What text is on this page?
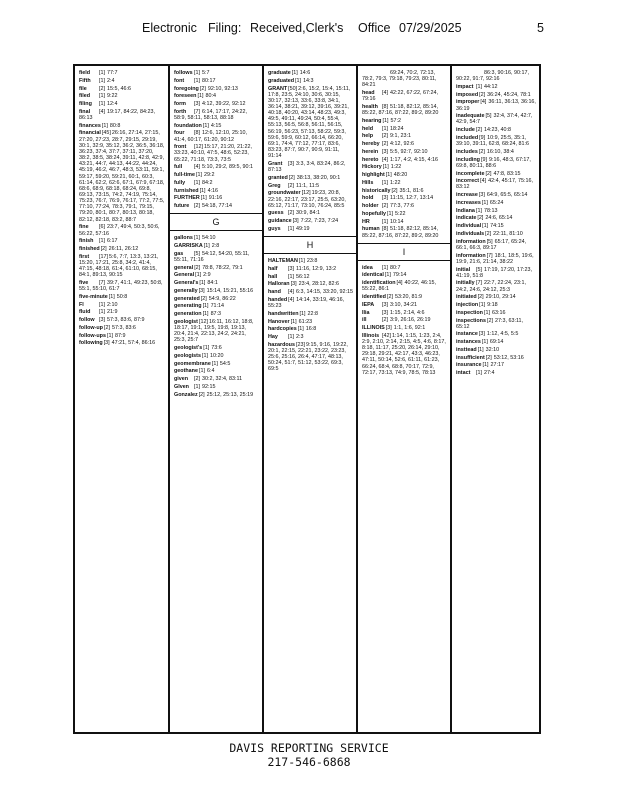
Electronic Filing: Received,Clerk's Office 07/29/2025	5
field [1] 77:7
Fifth [1] 2:4
file [2] 15:5, 46:6
filed [1] 9:22
filing [1] 12:4
final [4] 19:17, 84:22, 84:23, 86:13
finances[1] 80:8
financial[45]26:16, 27:14, 27:15, 27:20, 27:23, 28:7, 29:15, 29:19, 30:1, 32:9, 35:12, 36:2, 36:5, 36:18, 36:23, 37:4, 37:7, 37:11, 37:20, 38:2, 38:5, 38:24, 39:11, 42:8, 42:9, 43:21, 44:7, 44:13, 44:22, 44:24, 45:19, 46:2, 46:7, 48:3, 53:11, 59:1, 59:17, 59:20, 59:21, 60:1, 60:3, 61:14, 62:2, 62:6, 67:1, 67:9, 67:18, 68:6, 68:9, 68:18, 68:24, 69:8, 69:13, 73:15, 74:2, 74:19, 75:14, 75:23, 76:7, 76:9, 76:17, 77:2, 77:5, 77:10, 77:24, 78:3, 79:1, 79:15, 79:20, 80:1, 80:7, 80:13, 80:18, 82:12, 82:18, 83:2, 88:7
fine [6] 23:7, 49:4, 50:3, 50:6, 56:22, 57:16
finish [1] 6:17
finished[2] 26:11, 26:12
first [17]5:6, 7:7, 13:3, 13:21, 15:20, 17:21, 25:8, 34:2, 41:4, 47:15, 48:18, 61:4, 61:10, 68:15, 84:1, 89:13, 90:15
five [7] 39:7, 41:1, 49:23, 50:8, 55:1, 55:10, 61:7
five-minute[1] 50:8
Fl	[1] 2:10
fluid [1] 21:9
follow [3] 57:3, 83:6, 87:9
follow-up[2] 57:3, 83:6
follow-ups[1] 87:9
following[3] 47:21, 57:4, 86:16
follows[1] 5:7
font [1] 80:17
foregoing[2] 92:10, 92:13
foreseen[1] 80:4
form [3] 4:12, 39:22, 92:12
forth [7] 6:14, 17:17, 24:22, 58:9, 58:11, 58:13, 88:18
foundation[1] 4:15
four [8] 12:6, 12:10, 25:10, 41:4, 60:17, 61:20, 90:12
front [12]15:17, 21:20, 21:22, 33:23, 40:10, 47:5, 48:6, 52:23, 65:22, 71:18, 73:3, 73:5
full [4] 5:10, 29:2, 89:5, 90:1
full-time[1] 29:2
fully [1] 84:2
furnished[1] 4:16
FURTHER[1] 91:16
future [2] 54:18, 77:14
G
gallons[1] 54:10
GARRISKA[1] 2:8
gas [5] 54:12, 54:20, 55:11, 55:11, 71:16
general[2] 78:8, 78:22, 79:1
General[1] 2:9
General's[1] 84:1
generally[3] 15:14, 15:21, 55:16
generated[2] 54:9, 86:22
generating[1] 71:14
generation[1] 87:3
geologist[12]16:11, 16:12, 18:8, 18:17, 19:1, 19:5, 19:8, 19:13, 20:4, 21:4, 22:13, 24:2, 24:21, 25:3, 25:7
geologist's[1] 73:6
geologists[1] 10:20
geomembrane[1] 54:5
geothane[1] 6:4
given [2] 30:2, 32:4, 83:11
GIven [1] 92:15
Gonzalez[2] 25:12, 25:13, 25:19
graduate[1] 14:6
graduated[1] 14:3
GRANT[50]2:6, 15:2, 15:4, 15:11, 17:8, 23:5, 24:10, 30:6, 30:15, 30:17, 32:13, 33:6, 33:8, 34:1, 36:14, 38:21, 39:12, 39:16, 39:21, 40:18, 40:20, 43:14, 48:23, 49:3, 49:5, 49:11, 49:24, 50:4, 55:4, 55:13, 56:5, 56:8, 56:11, 56:15, 56:19, 56:23, 57:13, 58:22, 59:3, 59:6, 59:9, 60:12, 66:14, 66:20, 69:1, 74:4, 77:12, 77:17, 83:6, 83:23, 87:7, 90:7, 90:9, 91:11, 91:14
Grant [3] 3:3, 3:4, 83:24, 86:2, 87:13
granted[2] 38:13, 38:20, 90:1
Greg [2] 11:1, 11:5
groundwater[12]19:23, 20:8, 22:16, 22:17, 23:17, 25:5, 63:20, 65:12, 71:17, 73:10, 76:24, 85:5
guess [2] 30:9, 84:1
guidance[3] 7:22, 7:23, 7:24
guys [1] 49:19
H
HALTEMAN[1] 23:8
half [3] 11:16, 12:9, 13:2
hall [1] 56:12
Halloran[3] 23:4, 28:12, 82:6
hand [4] 6:3, 14:15, 33:20, 92:15
handed[4] 14:14, 33:19, 46:16, 55:23
handwritten[1] 22:8
Hanover[1] 61:23
hardcopies[1] 16:8
Hay [1] 2:3
hazardous[23]9:15, 9:16, 19:22, 20:1, 22:15, 22:21, 23:22, 23:23, 25:6, 25:16, 26:4, 47:17, 48:13, 50:24, 51:7, 51:12, 53:22, 69:3, 69:5
69:24, 70:2, 72:13, 78:2, 79:3, 79:18, 79:23, 80:11, 84:21
head [4] 42:22, 67:22, 67:24, 79:16
health [8] 51:18, 82:12, 85:14, 85:22, 87:16, 87:22, 89:2, 89:20
hearing[1] 57:2
held [1] 18:24
help [2] 9:1, 23:1
hereby [2] 4:12, 92:6
herein [3] 5:5, 92:7, 92:10
hereto [4] 1:17, 4:2, 4:15, 4:16
Hickory[1] 1:22
highlight[1] 48:20
Hills [1] 1:22
historically[2] 35:1, 81:6
hold [3] 11:15, 12:7, 13:14
holder [2] 77:3, 77:6
hopefully[1] 5:22
HR [1] 10:14
human [8] 51:18, 82:12, 85:14, 85:22, 87:16, 87:22, 89:2, 89:20
I
idea [1] 80:7
identical[1] 79:14
identification[4] 40:22, 46:15, 55:22, 86:1
identified[2] 53:20, 81:9
IEPA [3] 3:10, 34:21
Ilia [3] 1:15, 2:14, 4:6
ill	[2] 3:9, 26:16, 26:19
ILLINOIS[3] 1:1, 1:6, 92:1
Illinois [42]1:14, 1:15, 1:23, 2:4, 2:9, 2:10, 2:14, 2:15, 4:5, 4:6, 8:17, 8:18, 11:17, 25:20, 26:14, 29:10, 29:18, 29:21, 42:17, 43:3, 46:23, 47:11, 50:14, 52:6, 61:11, 61:23, 66:24, 68:4, 68:8, 70:17, 72:9, 72:17, 73:13, 74:9, 78:5, 78:13
86:3, 90:16, 90:17, 90:22, 91:7, 92:16
impact [1] 44:12
imposed[2] 36:24, 45:24, 78:1
improper[4] 36:11, 36:13, 36:16, 36:19
inadequate[5] 32:4, 37:4, 42:7, 42:9, 54:7
include[2] 14:23, 40:8
included[9] 10:9, 25:5, 35:1, 39:10, 39:11, 62:8, 68:24, 81:6
includes[2] 16:10, 38:4
including[9] 9:16, 48:3, 67:17, 69:8, 80:11, 88:6
incomplete[2] 47:8, 83:15
incorrect[4] 42:4, 45:17, 75:16, 83:12
increase[3] 64:9, 65:5, 65:14
increases[1] 65:24
Indiana[1] 78:13
indicate[2] 24:6, 65:14
individual[1] 74:15
individuals[2] 22:11, 81:10
information[5] 65:17, 65:24, 66:1, 66:3, 89:17
information[7] 18:1, 18:5, 19:6, 19:9, 21:6, 21:14, 38:22
initial [5] 17:19, 17:20, 17:23, 41:19, 51:8
initially[7] 22:7, 22:24, 23:1, 24:2, 24:6, 24:12, 25:3
initiated[2] 29:10, 29:14
injection[1] 9:18
inspection[1] 63:16
inspections[2] 27:3, 63:11, 65:12
instance[3] 1:12, 4:5, 5:5
instances[1] 69:14
insttead[1] 32:10
insufficient[2] 53:12, 53:16
insurance[1] 27:17
intact [1] 27:4
DAVIS REPORTING SERVICE
217-546-6868
